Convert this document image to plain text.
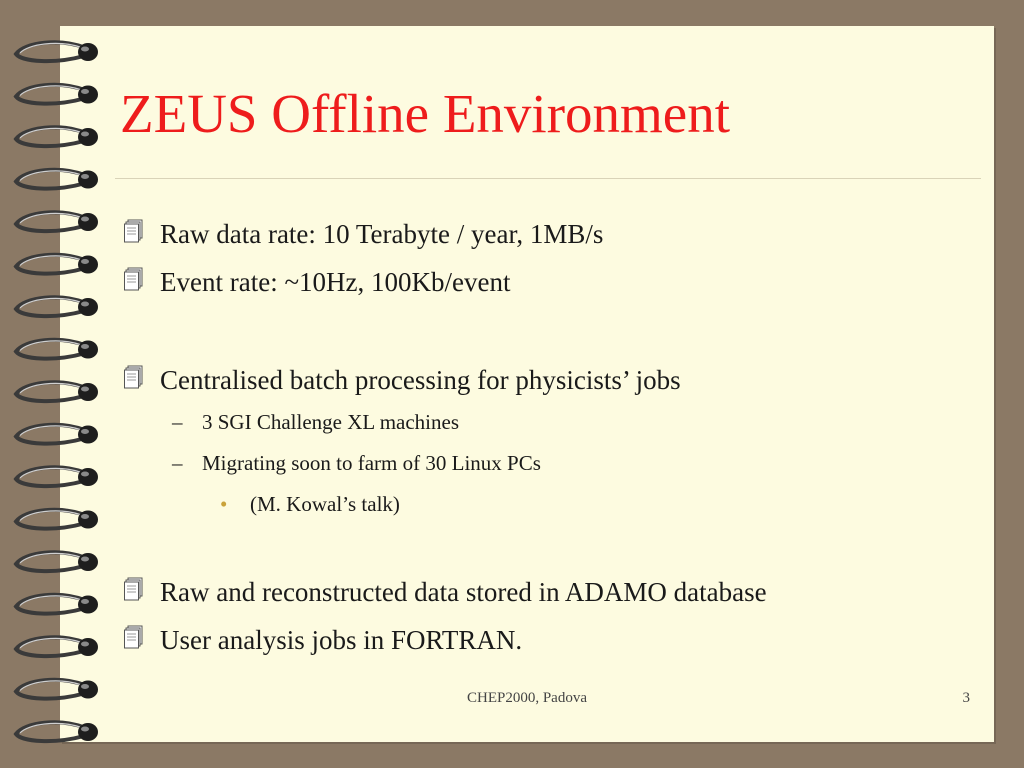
ZEUS Offline Environment
Raw data rate: 10 Terabyte / year, 1MB/s
Event rate: ~10Hz, 100Kb/event
Centralised batch processing for physicists’ jobs
– 3 SGI Challenge XL machines
– Migrating soon to farm of 30 Linux PCs
•	(M. Kowal’s talk)
Raw and reconstructed data stored in ADAMO database
User analysis jobs in FORTRAN.
CHEP2000, Padova	3
